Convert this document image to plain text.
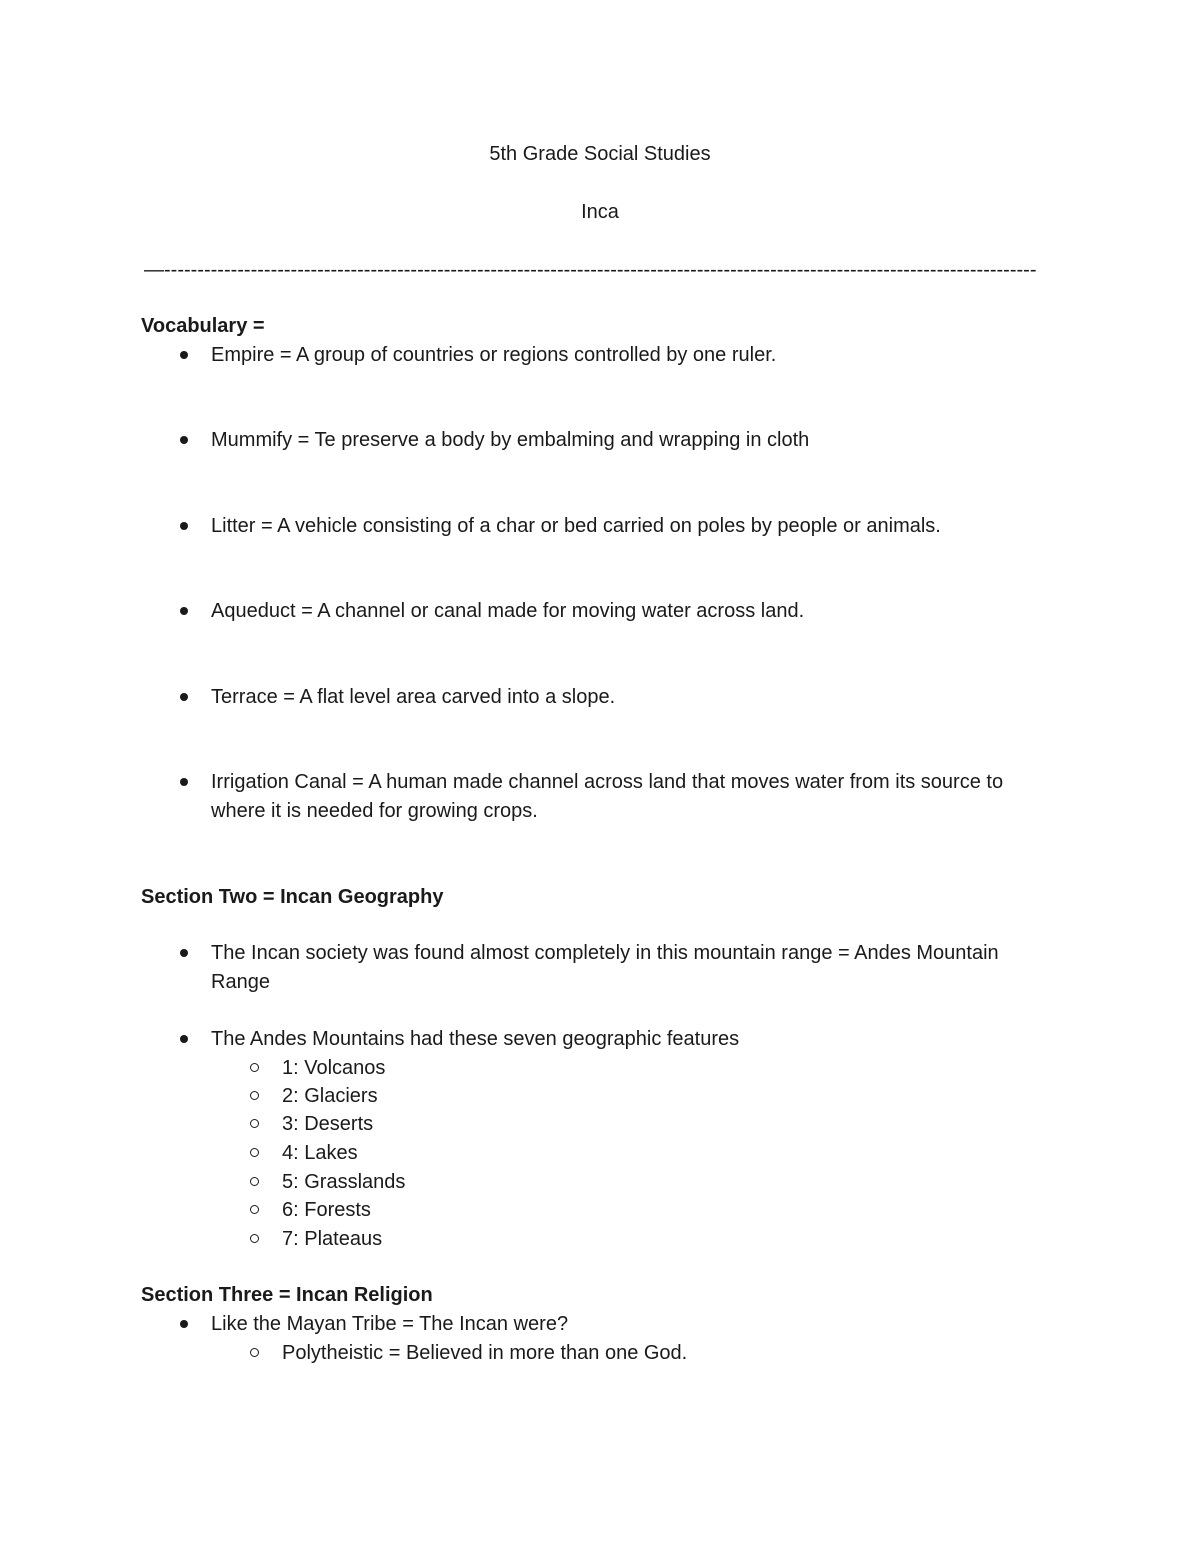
5th Grade Social Studies
Inca
—-----------------------------------------------------------------------------------------------------------------------------------
Vocabulary =
Empire = A group of countries or regions controlled by one ruler.
Mummify = Te preserve a body by embalming and wrapping in cloth
Litter = A vehicle consisting of a char or bed carried on poles by people or animals.
Aqueduct = A channel or canal made for moving water across land.
Terrace = A flat level area carved into a slope.
Irrigation Canal = A human made channel across land that moves water from its source to where it is needed for growing crops.
Section Two = Incan Geography
The Incan society was found almost completely in this mountain range = Andes Mountain Range
The Andes Mountains had these seven geographic features
1: Volcanos
2: Glaciers
3: Deserts
4: Lakes
5: Grasslands
6: Forests
7: Plateaus
Section Three = Incan Religion
Like the Mayan Tribe = The Incan were?
Polytheistic = Believed in more than one God.
